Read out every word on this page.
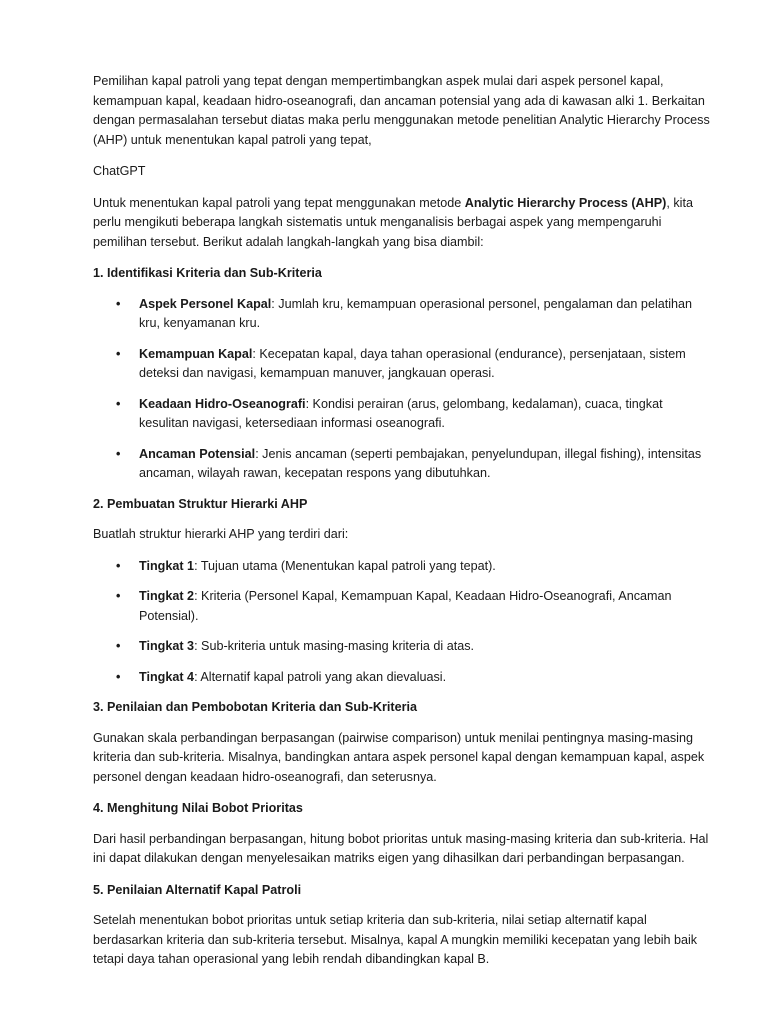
Pemilihan kapal patroli yang tepat dengan mempertimbangkan aspek mulai dari aspek personel kapal, kemampuan kapal, keadaan hidro-oseanografi, dan ancaman potensial yang ada di kawasan alki 1. Berkaitan dengan permasalahan tersebut diatas maka perlu menggunakan metode penelitian Analytic Hierarchy Process (AHP) untuk menentukan kapal patroli yang tepat,

ChatGPT

Untuk menentukan kapal patroli yang tepat menggunakan metode Analytic Hierarchy Process (AHP), kita perlu mengikuti beberapa langkah sistematis untuk menganalisis berbagai aspek yang mempengaruhi pemilihan tersebut. Berikut adalah langkah-langkah yang bisa diambil:

1. Identifikasi Kriteria dan Sub-Kriteria

• Aspek Personel Kapal: Jumlah kru, kemampuan operasional personel, pengalaman dan pelatihan kru, kenyamanan kru.
• Kemampuan Kapal: Kecepatan kapal, daya tahan operasional (endurance), persenjataan, sistem deteksi dan navigasi, kemampuan manuver, jangkauan operasi.
• Keadaan Hidro-Oseanografi: Kondisi perairan (arus, gelombang, kedalaman), cuaca, tingkat kesulitan navigasi, ketersediaan informasi oseanografi.
• Ancaman Potensial: Jenis ancaman (seperti pembajakan, penyelundupan, illegal fishing), intensitas ancaman, wilayah rawan, kecepatan respons yang dibutuhkan.

2. Pembuatan Struktur Hierarki AHP

Buatlah struktur hierarki AHP yang terdiri dari:

• Tingkat 1: Tujuan utama (Menentukan kapal patroli yang tepat).
• Tingkat 2: Kriteria (Personel Kapal, Kemampuan Kapal, Keadaan Hidro-Oseanografi, Ancaman Potensial).
• Tingkat 3: Sub-kriteria untuk masing-masing kriteria di atas.
• Tingkat 4: Alternatif kapal patroli yang akan dievaluasi.

3. Penilaian dan Pembobotan Kriteria dan Sub-Kriteria

Gunakan skala perbandingan berpasangan (pairwise comparison) untuk menilai pentingnya masing-masing kriteria dan sub-kriteria. Misalnya, bandingkan antara aspek personel kapal dengan kemampuan kapal, aspek personel dengan keadaan hidro-oseanografi, dan seterusnya.

4. Menghitung Nilai Bobot Prioritas

Dari hasil perbandingan berpasangan, hitung bobot prioritas untuk masing-masing kriteria dan sub-kriteria. Hal ini dapat dilakukan dengan menyelesaikan matriks eigen yang dihasilkan dari perbandingan berpasangan.

5. Penilaian Alternatif Kapal Patroli

Setelah menentukan bobot prioritas untuk setiap kriteria dan sub-kriteria, nilai setiap alternatif kapal berdasarkan kriteria dan sub-kriteria tersebut. Misalnya, kapal A mungkin memiliki kecepatan yang lebih baik tetapi daya tahan operasional yang lebih rendah dibandingkan kapal B.
